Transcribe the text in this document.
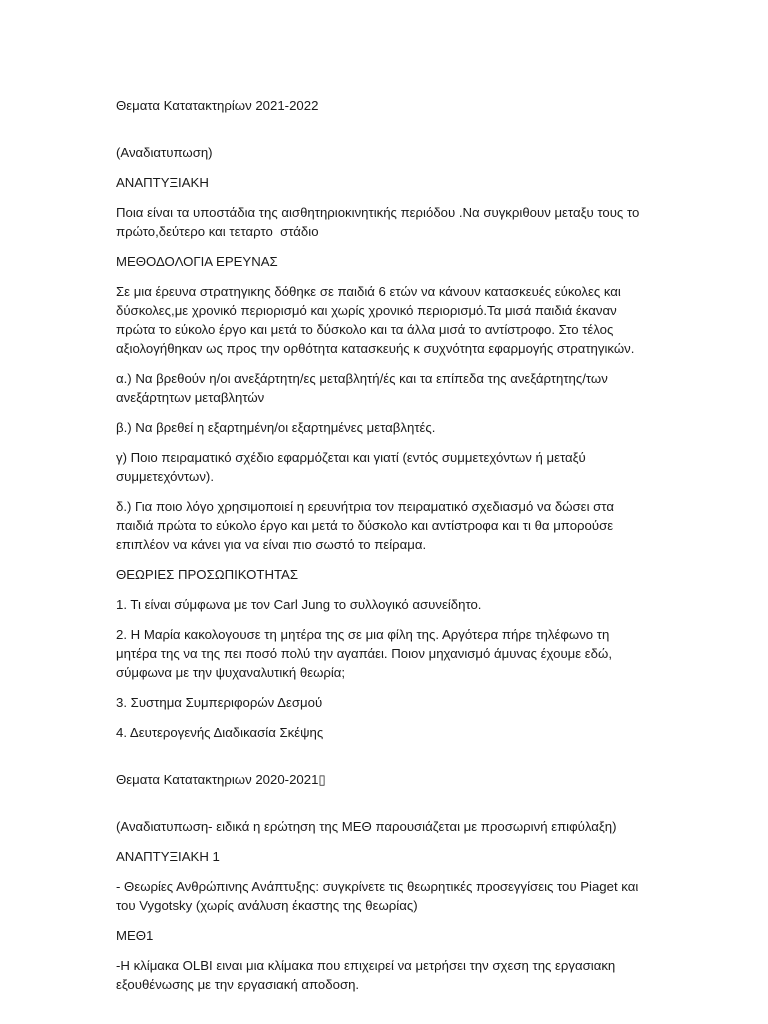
Θεματα Κατατακτηρίων 2021-2022

(Αναδιατυπωση)

ΑΝΑΠΤΥΞΙΑΚΗ

Ποια είναι τα υποστάδια της αισθητηριοκινητικής περιόδου .Να συγκριθουν μεταξυ τους το πρώτο,δεύτερο και τεταρτο  στάδιο

ΜΕΘΟΔΟΛΟΓΙΑ ΕΡΕΥΝΑΣ

Σε μια έρευνα στρατηγικης δόθηκε σε παιδιά 6 ετών να κάνουν κατασκευές εύκολες και δύσκολες,με χρονικό περιορισμό και χωρίς χρονικό περιορισμό.Τα μισά παιδιά έκαναν πρώτα το εύκολο έργο και μετά το δύσκολο και τα άλλα μισά το αντίστροφο. Στο τέλος αξιολογήθηκαν ως προς την ορθότητα κατασκευής κ συχνότητα εφαρμογής στρατηγικών.

α.) Να βρεθούν η/οι ανεξάρτητη/ες μεταβλητή/ές και τα επίπεδα της ανεξάρτητης/των ανεξάρτητων μεταβλητών

β.) Να βρεθεί η εξαρτημένη/οι εξαρτημένες μεταβλητές.

γ) Ποιο πειραματικό σχέδιο εφαρμόζεται και γιατί (εντός συμμετεχόντων ή μεταξύ συμμετεχόντων).

δ.) Για ποιο λόγο χρησιμοποιεί η ερευνήτρια τον πειραματικό σχεδιασμό να δώσει στα παιδιά πρώτα το εύκολο έργο και μετά το δύσκολο και αντίστροφα και τι θα μπορούσε επιπλέον να κάνει για να είναι πιο σωστό το πείραμα.

ΘΕΩΡΙΕΣ ΠΡΟΣΩΠΙΚΟΤΗΤΑΣ

1. Τι είναι σύμφωνα με τον Carl Jung το συλλογικό ασυνείδητο.

2. Η Μαρία κακολογουσε τη μητέρα της σε μια φίλη της. Αργότερα πήρε τηλέφωνο τη μητέρα της να της πει ποσό πολύ την αγαπάει. Ποιον μηχανισμό άμυνας έχουμε εδώ, σύμφωνα με την ψυχαναλυτική θεωρία;

3. Συστημα Συμπεριφορών Δεσμού

4. Δευτερογενής Διαδικασία Σκέψης

Θεματα Κατατακτηριων 2020-2021▯

(Αναδιατυπωση- ειδικά η ερώτηση της ΜΕΘ παρουσιάζεται με προσωρινή επιφύλαξη)

ΑΝΑΠΤΥΞΙΑΚΗ 1

- Θεωρίες Ανθρώπινης Ανάπτυξης: συγκρίνετε τις θεωρητικές προσεγγίσεις του Piaget και του Vygotsky (χωρίς ανάλυση έκαστης της θεωρίας)

ΜΕΘ1

-Η κλίμακα OLBI ειναι μια κλίμακα που επιχειρεί να μετρήσει την σχεση της εργασιακη εξουθένωσης με την εργασιακή αποδοση.
